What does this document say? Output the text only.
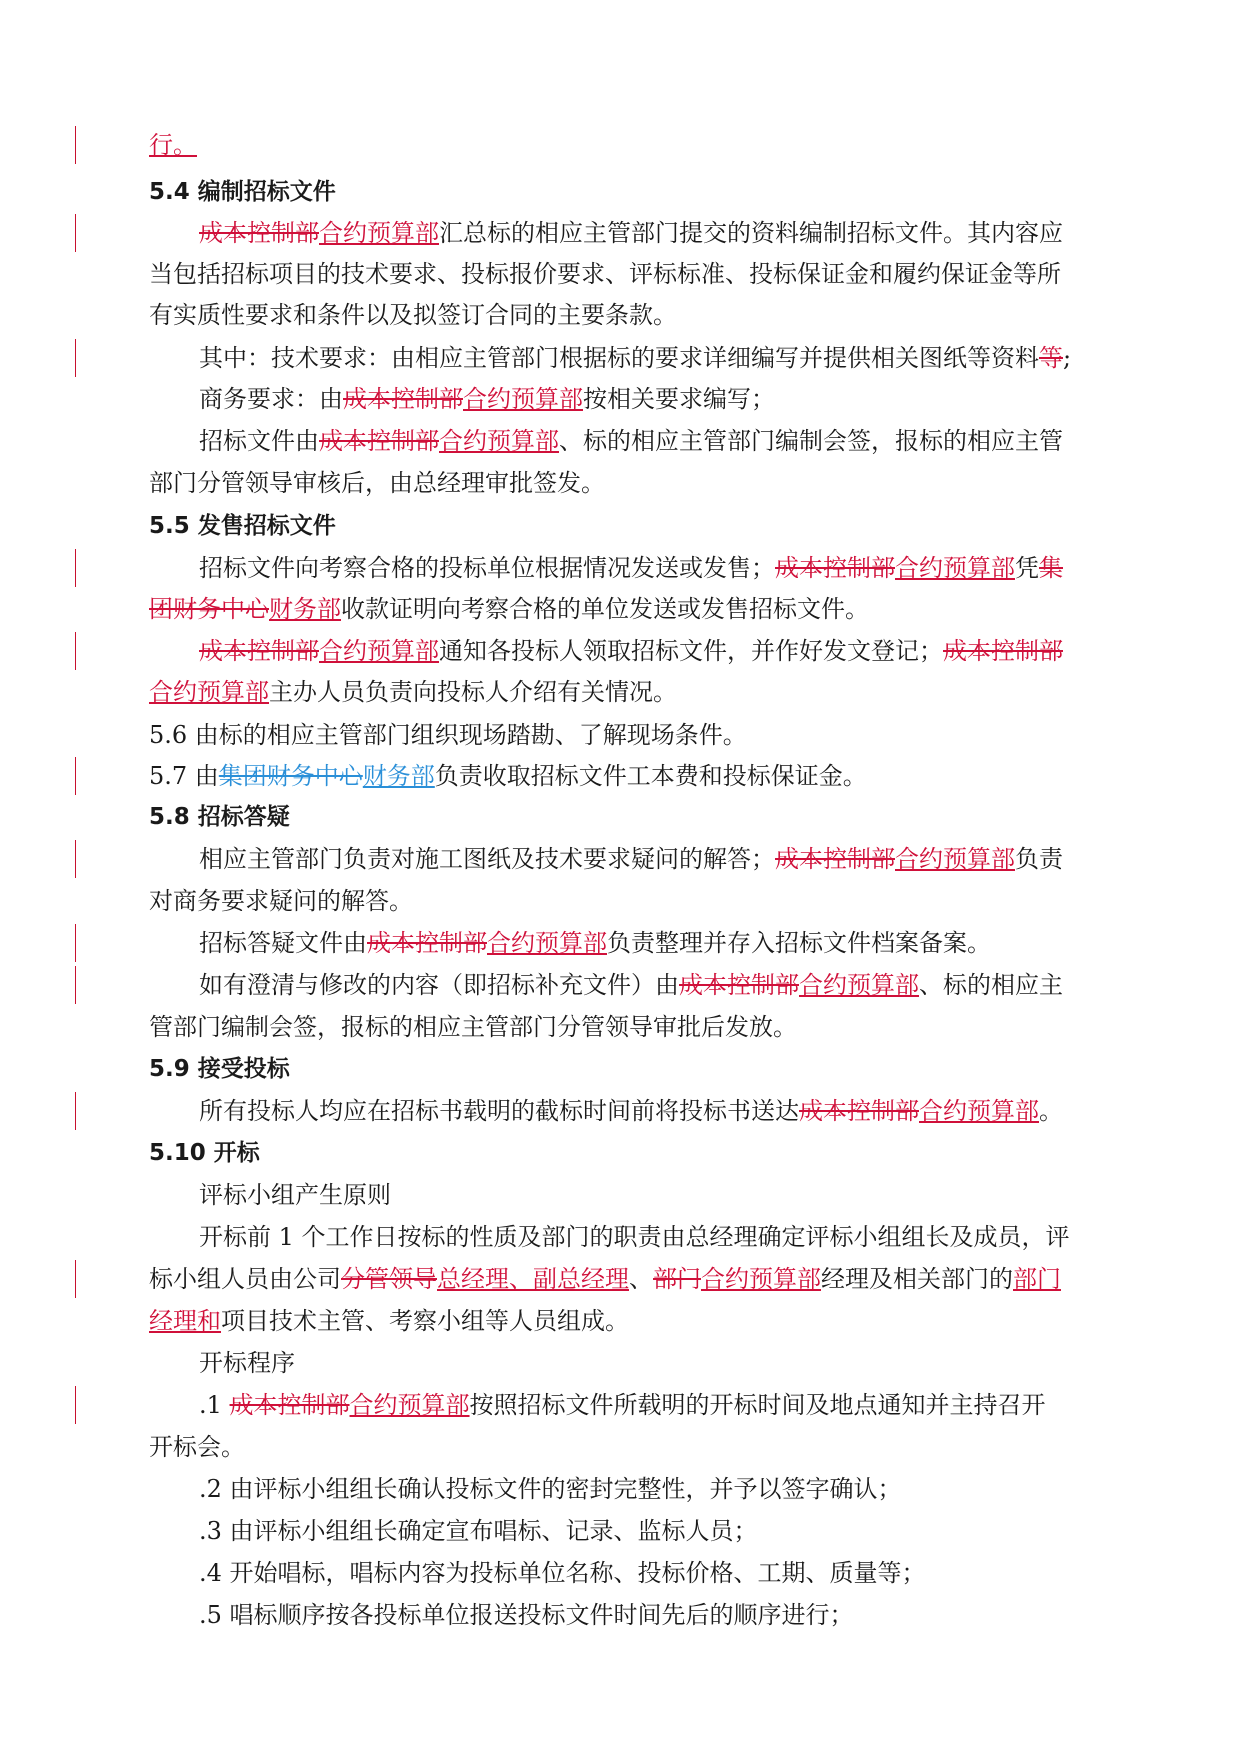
行。
5.4 编制招标文件
成本控制部合约预算部汇总标的相应主管部门提交的资料编制招标文件。其内容应
当包括招标项目的技术要求、投标报价要求、评标标准、投标保证金和履约保证金等所
有实质性要求和条件以及拟签订合同的主要条款。
其中：技术要求：由相应主管部门根据标的要求详细编写并提供相关图纸等资料等;
商务要求：由成本控制部合约预算部按相关要求编写；
招标文件由成本控制部合约预算部、标的相应主管部门编制会签，报标的相应主管
部门分管领导审核后，由总经理审批签发。
5.5 发售招标文件
招标文件向考察合格的投标单位根据情况发送或发售；成本控制部合约预算部凭集
团财务中心财务部收款证明向考察合格的单位发送或发售招标文件。
成本控制部合约预算部通知各投标人领取招标文件，并作好发文登记；成本控制部
合约预算部主办人员负责向投标人介绍有关情况。
5.6 由标的相应主管部门组织现场踏勘、了解现场条件。
5.7 由集团财务中心财务部负责收取招标文件工本费和投标保证金。
5.8 招标答疑
相应主管部门负责对施工图纸及技术要求疑问的解答；成本控制部合约预算部负责
对商务要求疑问的解答。
招标答疑文件由成本控制部合约预算部负责整理并存入招标文件档案备案。
如有澄清与修改的内容（即招标补充文件）由成本控制部合约预算部、标的相应主
管部门编制会签，报标的相应主管部门分管领导审批后发放。
5.9 接受投标
所有投标人均应在招标书载明的截标时间前将投标书送达成本控制部合约预算部。
5.10 开标
评标小组产生原则
开标前 1 个工作日按标的性质及部门的职责由总经理确定评标小组组长及成员，评
标小组人员由公司分管领导总经理、副总经理、部门合约预算部经理及相关部门的部门
经理和项目技术主管、考察小组等人员组成。
开标程序
.1 成本控制部合约预算部按照招标文件所载明的开标时间及地点通知并主持召开
开标会。
.2 由评标小组组长确认投标文件的密封完整性，并予以签字确认；
.3 由评标小组组长确定宣布唱标、记录、监标人员；
.4 开始唱标，唱标内容为投标单位名称、投标价格、工期、质量等；
.5 唱标顺序按各投标单位报送投标文件时间先后的顺序进行；
